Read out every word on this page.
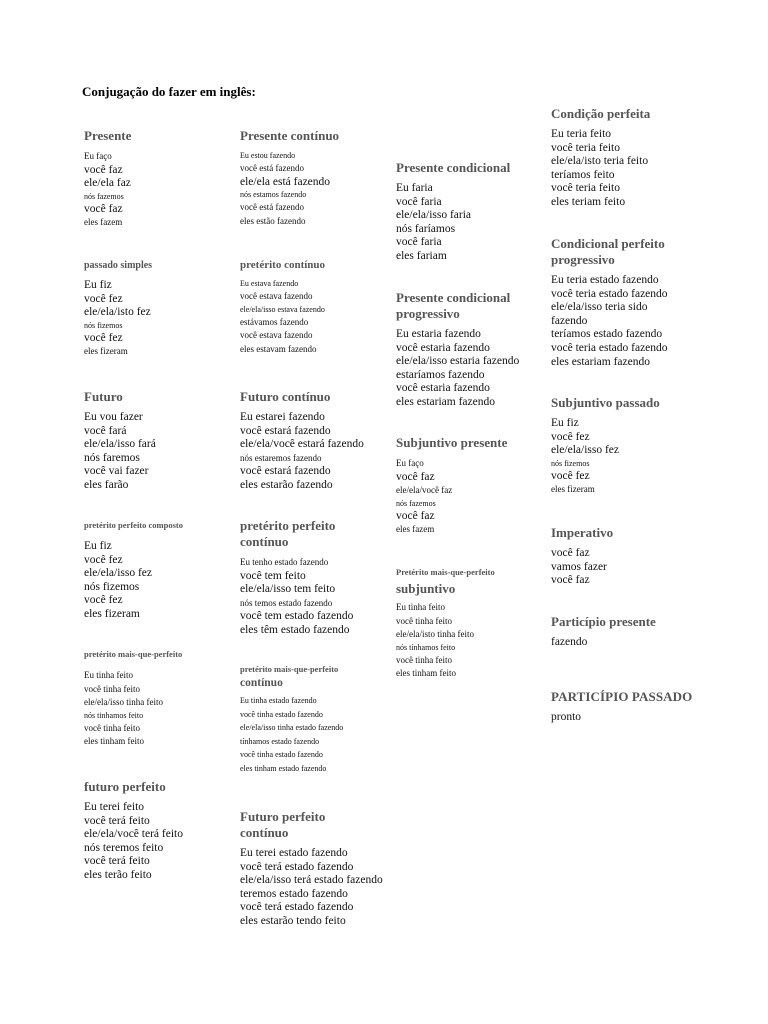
Conjugação do fazer em inglês:
Presente
Eu faço
você faz
ele/ela faz
nós fazemos
você faz
eles fazem
passado simples
Eu fiz
você fez
ele/ela/isto fez
nós fizemos
você fez
eles fizeram
Futuro
Eu vou fazer
você fará
ele/ela/isso fará
nós faremos
você vai fazer
eles farão
pretérito perfeito composto
Eu fiz
você fez
ele/ela/isso fez
nós fizemos
você fez
eles fizeram
pretérito mais-que-perfeito
Eu tinha feito
você tinha feito
ele/ela/isso tinha feito
nós tinhamos feito
você tinha feito
eles tinham feito
futuro perfeito
Eu terei feito
você terá feito
ele/ela/você terá feito
nós teremos feito
você terá feito
eles terão feito
Presente contínuo
Eu estou fazendo
você está fazendo
ele/ela está fazendo
nós estamos fazendo
você está fazendo
eles estão fazendo
pretérito contínuo
Eu estava fazendo
você estava fazendo
ele/ela/isso estava fazendo
estávamos fazendo
você estava fazendo
eles estavam fazendo
Futuro contínuo
Eu estarei fazendo
você estará fazendo
ele/ela/você estará fazendo
nós estaremos fazendo
você estará fazendo
eles estarão fazendo
pretérito perfeito
contínuo
Eu tenho estado fazendo
você tem feito
ele/ela/isso tem feito
nós temos estado fazendo
você tem estado fazendo
eles têm estado fazendo
pretérito mais-que-perfeito
contínuo
Eu tinha estado fazendo
você tinha estado fazendo
ele/ela/isso tinha estado fazendo
tínhamos estado fazendo
você tinha estado fazendo
eles tinham estado fazendo
Futuro perfeito
contínuo
Eu terei estado fazendo
você terá estado fazendo
ele/ela/isso terá estado fazendo
teremos estado fazendo
você terá estado fazendo
eles estarão tendo feito
Presente condicional
Eu faria
você faria
ele/ela/isso faria
nós faríamos
você faria
eles fariam
Presente condicional
progressivo
Eu estaria fazendo
você estaria fazendo
ele/ela/isso estaria fazendo
estaríamos fazendo
você estaria fazendo
eles estariam fazendo
Subjuntivo presente
Eu faço
você faz
ele/ela/você faz
nós fazemos
você faz
eles fazem
Pretérito mais-que-perfeito
subjuntivo
Eu tinha feito
você tinha feito
ele/ela/isto tinha feito
nós tínhamos feito
você tinha feito
eles tinham feito
Condição perfeita
Eu teria feito
você teria feito
ele/ela/isto teria feito
teríamos feito
você teria feito
eles teriam feito
Condicional perfeito
progressivo
Eu teria estado fazendo
você teria estado fazendo
ele/ela/isso teria sido
fazendo
teríamos estado fazendo
você teria estado fazendo
eles estariam fazendo
Subjuntivo passado
Eu fiz
você fez
ele/ela/isso fez
nós fizemos
você fez
eles fizeram
Imperativo
você faz
vamos fazer
você faz
Particípio presente
fazendo
PARTICÍPIO PASSADO
pronto
